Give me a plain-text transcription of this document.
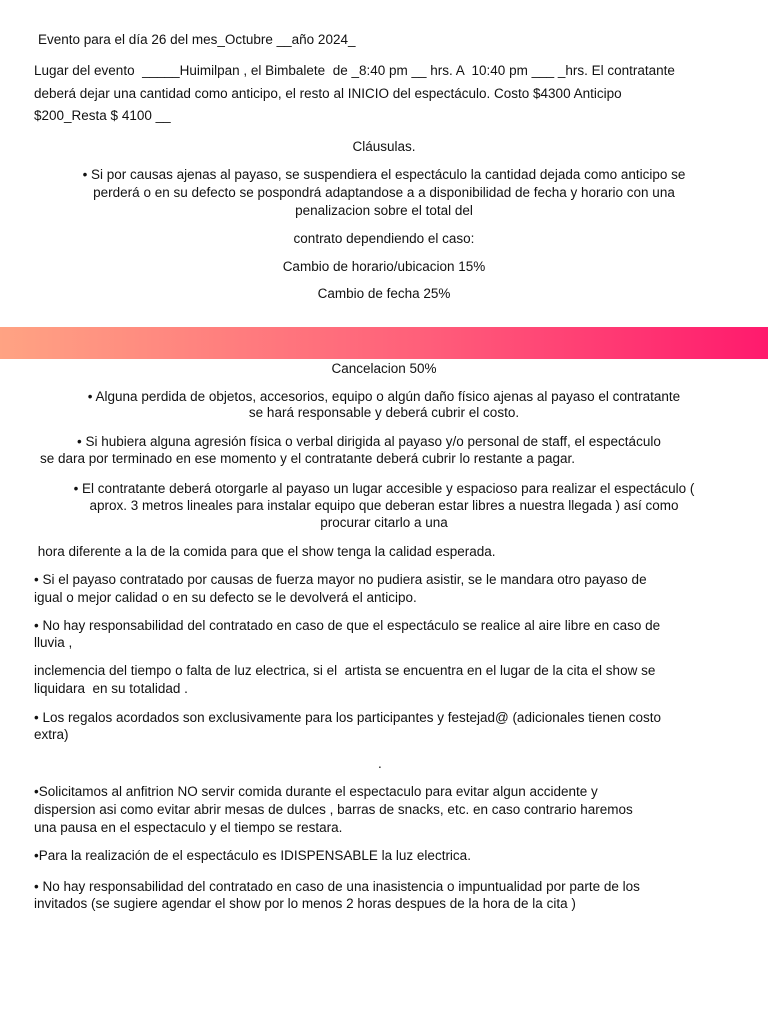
Evento para el día 26 del mes_Octubre __año 2024_
Lugar del evento  _____Huimilpan , el Bimbalete  de _8:40 pm __ hrs. A  10:40 pm ___ _hrs. El contratante
deberá dejar una cantidad como anticipo, el resto al INICIO del espectáculo. Costo $4300 Anticipo
$200_Resta $ 4100 __
Cláusulas.
• Si por causas ajenas al payaso, se suspendiera el espectáculo la cantidad dejada como anticipo se
perderá o en su defecto se pospondrá adaptandose a a disponibilidad de fecha y horario con una
penalizacion sobre el total del
contrato dependiendo el caso:
Cambio de horario/ubicacion 15%
Cambio de fecha 25%
Cancelacion 50%
• Alguna perdida de objetos, accesorios, equipo o algún daño físico ajenas al payaso el contratante
se hará responsable y deberá cubrir el costo.
• Si hubiera alguna agresión física o verbal dirigida al payaso y/o personal de staff, el espectáculo
se dara por terminado en ese momento y el contratante deberá cubrir lo restante a pagar.
• El contratante deberá otorgarle al payaso un lugar accesible y espacioso para realizar el espectáculo (
aprox. 3 metros lineales para instalar equipo que deberan estar libres a nuestra llegada ) así como
procurar citarlo a una
hora diferente a la de la comida para que el show tenga la calidad esperada.
• Si el payaso contratado por causas de fuerza mayor no pudiera asistir, se le mandara otro payaso de
igual o mejor calidad o en su defecto se le devolverá el anticipo.
• No hay responsabilidad del contratado en caso de que el espectáculo se realice al aire libre en caso de
lluvia ,
inclemencia del tiempo o falta de luz electrica, si el  artista se encuentra en el lugar de la cita el show se
liquidara  en su totalidad .
• Los regalos acordados son exclusivamente para los participantes y festejad@ (adicionales tienen costo
extra)
.
•Solicitamos al anfitrion NO servir comida durante el espectaculo para evitar algun accidente y
dispersion asi como evitar abrir mesas de dulces , barras de snacks, etc. en caso contrario haremos
una pausa en el espectaculo y el tiempo se restara.
•Para la realización de el espectáculo es IDISPENSABLE la luz electrica.
• No hay responsabilidad del contratado en caso de una inasistencia o impuntualidad por parte de los
invitados (se sugiere agendar el show por lo menos 2 horas despues de la hora de la cita )
